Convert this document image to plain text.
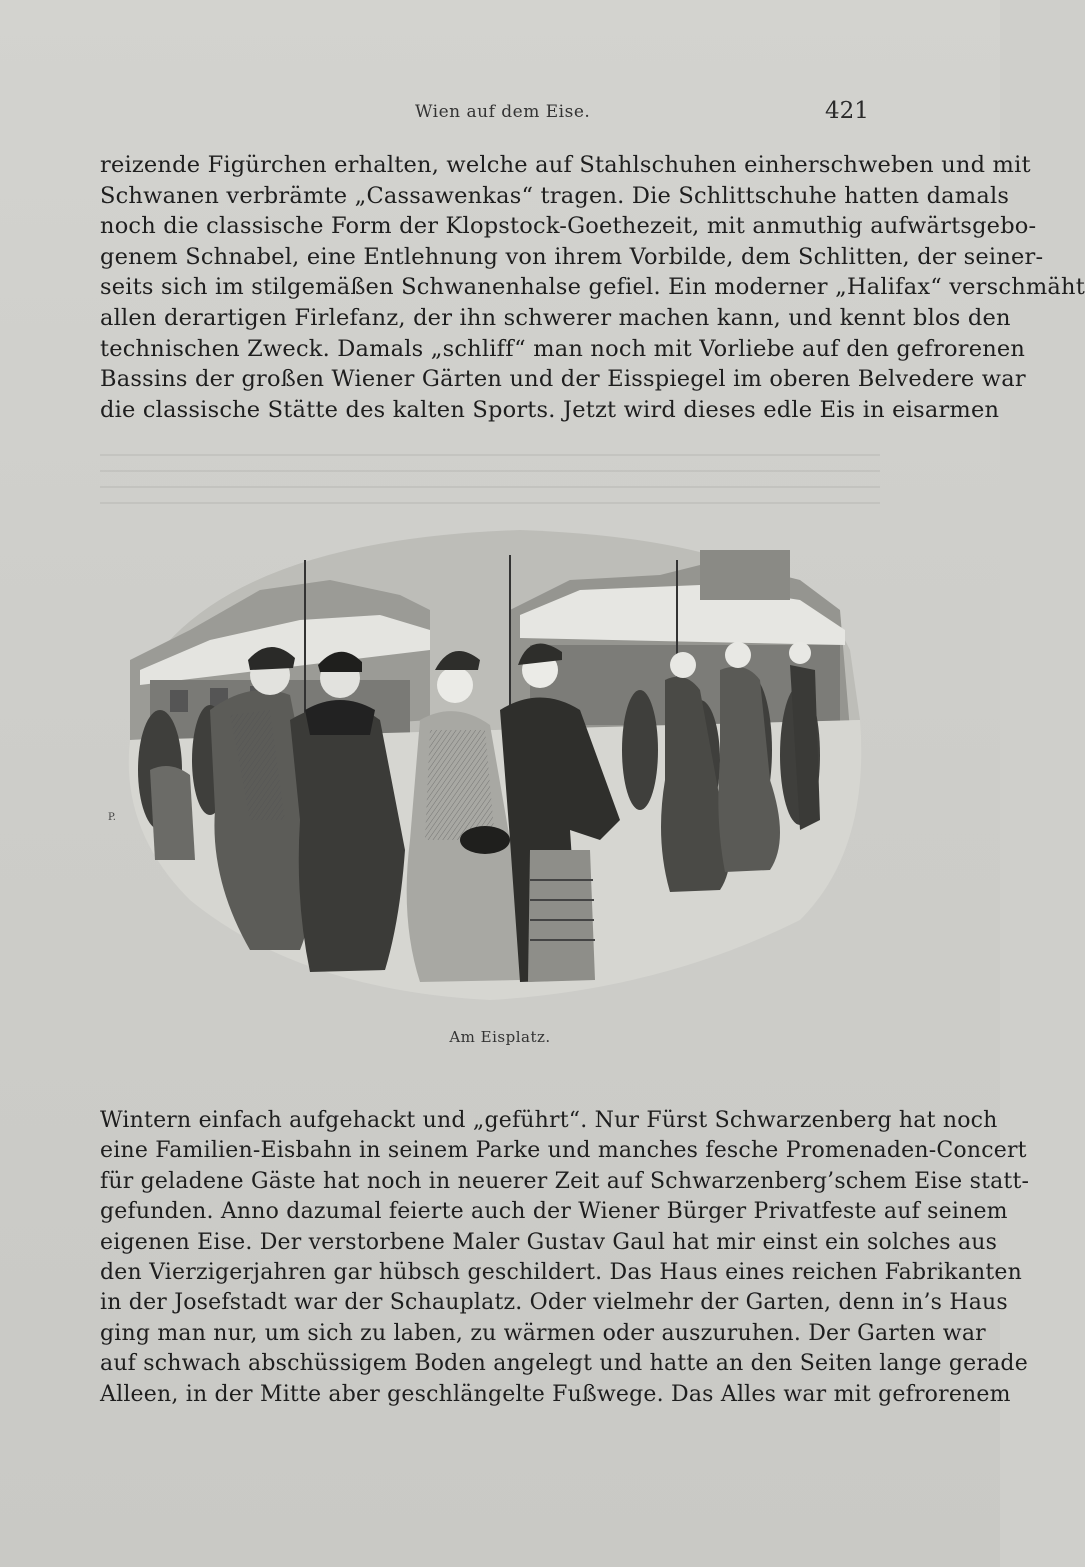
Wien auf dem Eise.	421
reizende Figürchen erhalten, welche auf Stahlschuhen einherschweben und mit
Schwanen verbrämte „Cassawenkas“ tragen. Die Schlittschuhe hatten damals
noch die classische Form der Klopstock-Goethezeit, mit anmuthig aufwärtsgebo-
genem Schnabel, eine Entlehnung von ihrem Vorbilde, dem Schlitten, der seiner-
seits sich im stilgemäßen Schwanenhalse gefiel. Ein moderner „Halifax“ verschmäht
allen derartigen Firlefanz, der ihn schwerer machen kann, und kennt blos den
technischen Zweck. Damals „schliff“ man noch mit Vorliebe auf den gefrorenen
Bassins der großen Wiener Gärten und der Eisspiegel im oberen Belvedere war
die classische Stätte des kalten Sports. Jetzt wird dieses edle Eis in eisarmen
P.
Am Eisplatz.
Wintern einfach aufgehackt und „geführt“. Nur Fürst Schwarzenberg hat noch
eine Familien-Eisbahn in seinem Parke und manches fesche Promenaden-Concert
für geladene Gäste hat noch in neuerer Zeit auf Schwarzenberg’schem Eise statt-
gefunden. Anno dazumal feierte auch der Wiener Bürger Privatfeste auf seinem
eigenen Eise. Der verstorbene Maler Gustav Gaul hat mir einst ein solches aus
den Vierzigerjahren gar hübsch geschildert. Das Haus eines reichen Fabrikanten
in der Josefstadt war der Schauplatz. Oder vielmehr der Garten, denn in’s Haus
ging man nur, um sich zu laben, zu wärmen oder auszuruhen. Der Garten war
auf schwach abschüssigem Boden angelegt und hatte an den Seiten lange gerade
Alleen, in der Mitte aber geschlängelte Fußwege. Das Alles war mit gefrorenem
